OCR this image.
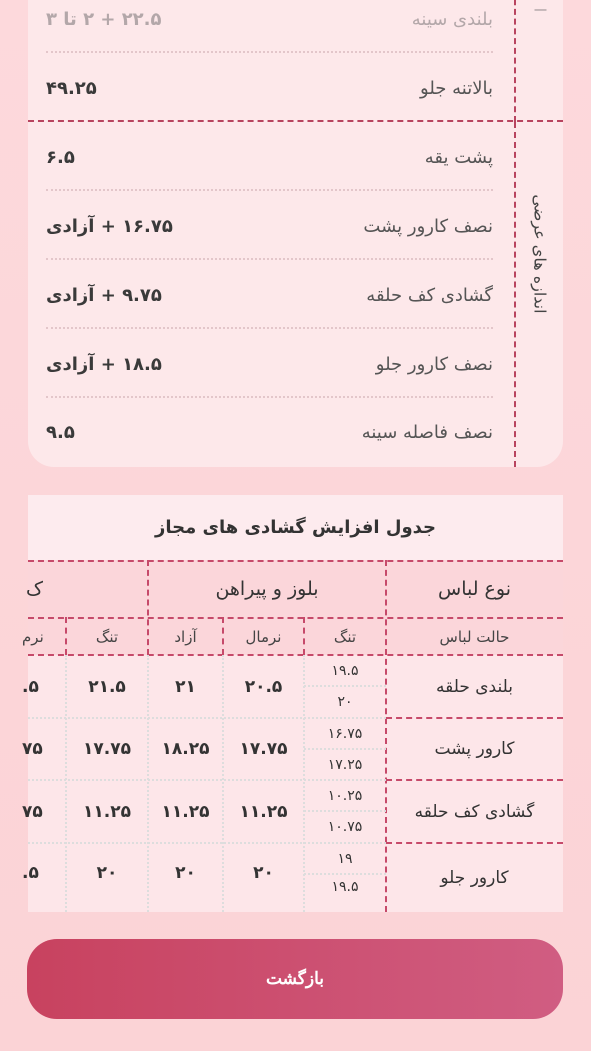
ا
اندازه های عرضی
بلندی سینه
۲۲.۵ + ۲ تا ۳
بالاتنه جلو
۴۹.۲۵
پشت یقه
۶.۵
نصف کارور پشت
۱۶.۷۵ + آزادی
گشادی کف حلقه
۹.۷۵ + آزادی
نصف کارور جلو
۱۸.۵ + آزادی
نصف فاصله سینه
۹.۵
جدول افزایش گشادی های مجاز
نوع لباس
بلوز و پیراهن
ک
حالت لباس
تنگ
نرمال
آزاد
تنگ
نرم
بلندی حلقه
۱۹.۵
۲۰
۲۰.۵
۲۱
۲۱.۵
.۵
کارور پشت
۱۶.۷۵
۱۷.۲۵
۱۷.۷۵
۱۸.۲۵
۱۷.۷۵
۷۵
گشادی کف حلقه
۱۰.۲۵
۱۰.۷۵
۱۱.۲۵
۱۱.۲۵
۱۱.۲۵
۷۵
کارور جلو
۱۹
۱۹.۵
۲۰
۲۰
۲۰
.۵
بازگشت
